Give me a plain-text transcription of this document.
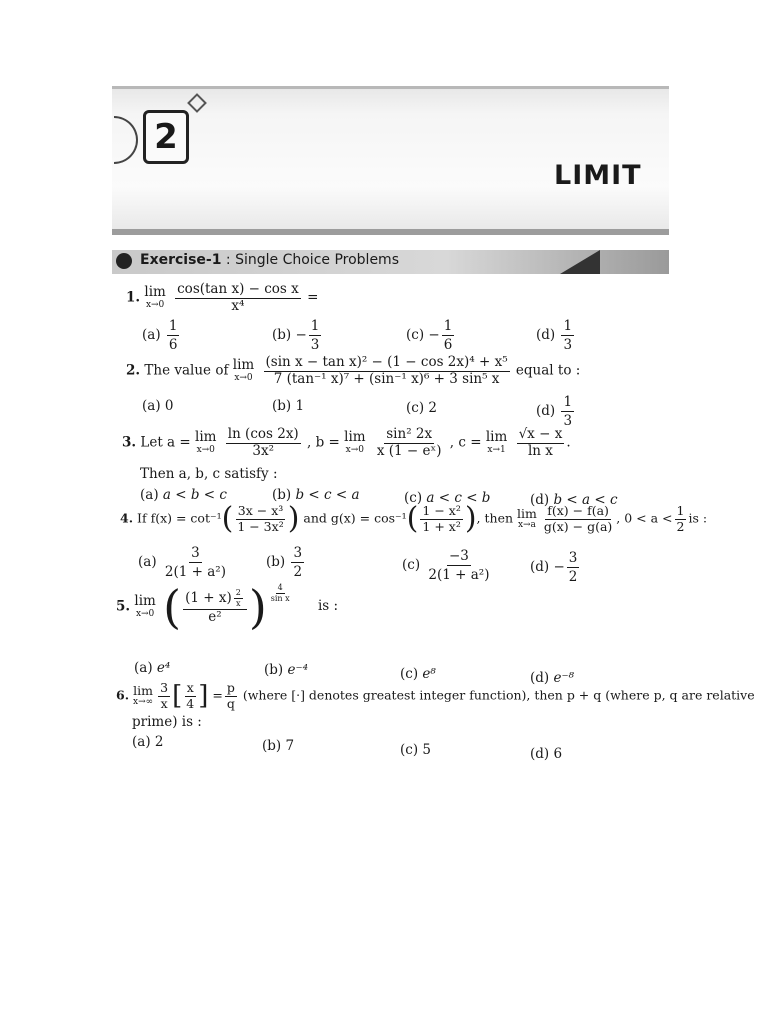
2
LIMIT
Exercise-1 : Single Choice Problems
1. lim
x→0
$\frac{\text{cos(tan x) − cos x}}{\text{x⁴}}$ =
$(a) \frac{1}{6}$	$(b) - \frac{1}{3}$	$(c) - \frac{1}{6}$	$(d) \frac{1}{3}$
2. The value of lim
x→0
$\frac{\text{(sin x − tan x)² − (1 − cos 2x)⁴ + x⁵}}{\text{7 (tan⁻¹ x)⁷ + (sin⁻¹ x)⁶ + 3 sin⁵ x}}$ equal to :
(a) 0	(b) 1	(c) 2	$(d) \frac{1}{3}$
3. Let a = lim
x→0
$\frac{\ln (\cos 2x)}{\text{3x²}}$ , b = lim
x→0
$\frac{\text{sin² 2x}}{\text{x (1 − eˣ)}}$ , c = lim
x→1
$\frac{√x - x}{\text{ln x}}$ .
Then a, b, c satisfy :
(a) a < b < c	(b) b < c < a	(c) a < c < b	(d) b < a < c
4. If $f(x) = \cot^{-1}( \frac{\text{3x − x³}}{\text{1 − 3x²}}$ ) and $g(x) = \cos^{-1}( \frac{\text{1 − x²}}{\text{1 + x²}}$ ), then lim
$x\to a \frac{f(x) - f(a)}{g(x) - g(a)}$ , $0 < a < \frac{1}{2}$ is :
$(a) \frac{3}{\text{2(1 + a²)}}$	$(b) \frac{3}{2}$	$(c) \frac{-3}{\text{2(1 + a²)}}$	$(d) - \frac{3}{2}$
5. lim
x→0 ( $\frac{(1 + x) \frac{2}{x}}{\text{e²}}$ ) $^{\frac{4}{\text{sin x}}}$
is :
(a) e⁴	(b) e⁻⁴	(c) e⁸	(d) e⁻⁸
6. lim
$x\to\infty \frac{3}{x}$ [ $\frac{x}{4}$ ] = $\frac{p}{q}$ (where [·] denotes greatest integer function), then p + q (where p, q are relative
prime) is :
(a) 2	(b) 7	(c) 5	(d) 6
